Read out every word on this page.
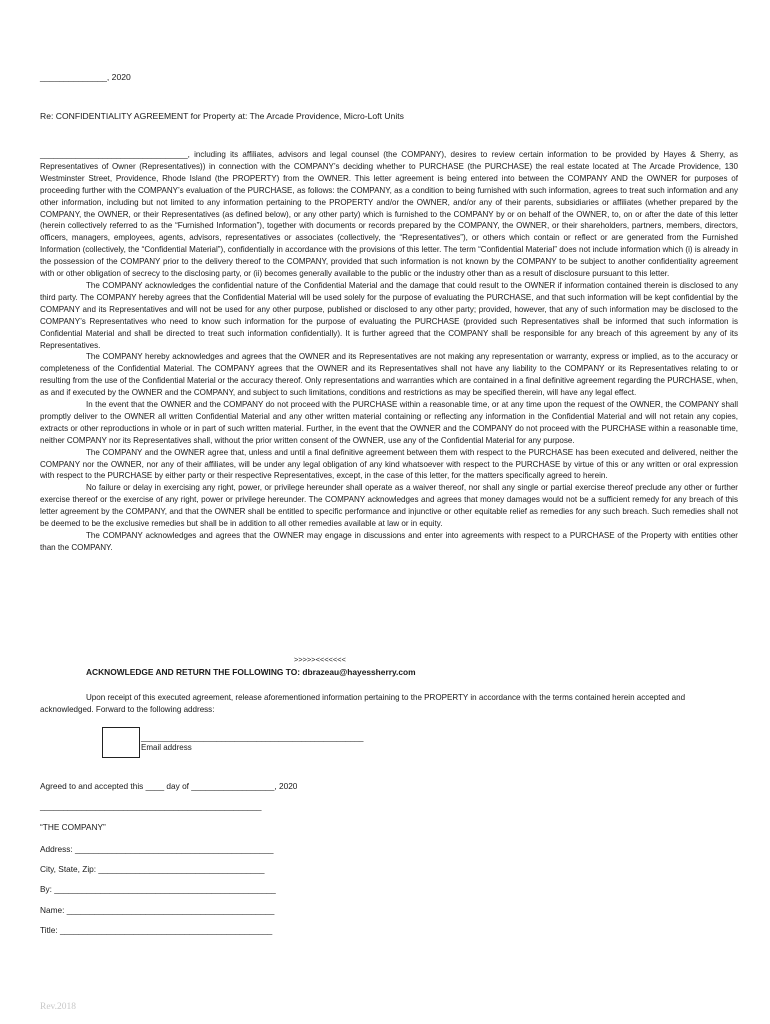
______________, 2020
Re: CONFIDENTIALITY AGREEMENT for Property at: The Arcade Providence, Micro-Loft Units

_________________________________, including its affiliates, advisors and legal counsel (the COMPANY), desires to review certain information to be provided by Hayes & Sherry, as Representatives of Owner (Representatives)) in connection with the COMPANY’s deciding whether to PURCHASE (the PURCHASE) the real estate located at The Arcade Providence, 130 Westminster Street, Providence, Rhode Island (the PROPERTY) from the OWNER. This letter agreement is being entered into between the COMPANY AND the OWNER for purposes of proceeding further with the COMPANY’s evaluation of the PURCHASE, as follows: the COMPANY, as a condition to being furnished with such information, agrees to treat such information and any other information, including but not limited to any information pertaining to the PROPERTY and/or the OWNER, and/or any of their parents, subsidiaries or affiliates (whether prepared by the COMPANY, the OWNER, or their Representatives (as defined below), or any other party) which is furnished to the COMPANY by or on behalf of the OWNER, to, on or after the date of this letter (herein collectively referred to as the “Furnished Information”), together with documents or records prepared by the COMPANY, the OWNER, or their shareholders, partners, members, directors, officers, managers, employees, agents, advisors, representatives or associates (collectively, the “Representatives”), or others which contain or reflect or are generated from the Furnished Information (collectively, the “Confidential Material”), confidentially in accordance with the provisions of this letter. The term “Confidential Material” does not include information which (i) is already in the possession of the COMPANY prior to the delivery thereof to the COMPANY, provided that such information is not known by the COMPANY to be subject to another confidentiality agreement with or other obligation of secrecy to the disclosing party, or (ii) becomes generally available to the public or the industry other than as a result of disclosure pursuant to this letter.

The COMPANY acknowledges the confidential nature of the Confidential Material and the damage that could result to the OWNER if information contained therein is disclosed to any third party. The COMPANY hereby agrees that the Confidential Material will be used solely for the purpose of evaluating the PURCHASE, and that such information will be kept confidential by the COMPANY and its Representatives and will not be used for any other purpose, published or disclosed to any other party; provided, however, that any of such information may be disclosed to the COMPANY’s Representatives who need to know such information for the purpose of evaluating the PURCHASE (provided such Representatives shall be informed that such information is Confidential Material and shall be directed to treat such information confidentially). It is further agreed that the COMPANY shall be responsible for any breach of this agreement by any of its Representatives.

The COMPANY hereby acknowledges and agrees that the OWNER and its Representatives are not making any representation or warranty, express or implied, as to the accuracy or completeness of the Confidential Material. The COMPANY agrees that the OWNER and its Representatives shall not have any liability to the COMPANY or its Representatives relating to or resulting from the use of the Confidential Material or the accuracy thereof. Only representations and warranties which are contained in a final definitive agreement regarding the PURCHASE, when, as and if executed by the OWNER and the COMPANY, and subject to such limitations, conditions and restrictions as may be specified therein, will have any legal effect.

In the event that the OWNER and the COMPANY do not proceed with the PURCHASE within a reasonable time, or at any time upon the request of the OWNER, the COMPANY shall promptly deliver to the OWNER all written Confidential Material and any other written material containing or reflecting any information in the Confidential Material and will not retain any copies, extracts or other reproductions in whole or in part of such written material. Further, in the event that the OWNER and the COMPANY do not proceed with the PURCHASE within a reasonable time, neither COMPANY nor its Representatives shall, without the prior written consent of the OWNER, use any of the Confidential Material for any purpose.

The COMPANY and the OWNER agree that, unless and until a final definitive agreement between them with respect to the PURCHASE has been executed and delivered, neither the COMPANY nor the OWNER, nor any of their affiliates, will be under any legal obligation of any kind whatsoever with respect to the PURCHASE by virtue of this or any written or oral expression with respect to the PURCHASE by either party or their respective Representatives, except, in the case of this letter, for the matters specifically agreed to herein.

No failure or delay in exercising any right, power, or privilege hereunder shall operate as a waiver thereof, nor shall any single or partial exercise thereof preclude any other or further exercise thereof or the exercise of any right, power or privilege hereunder. The COMPANY acknowledges and agrees that money damages would not be a sufficient remedy for any breach of this letter agreement by the COMPANY, and that the OWNER shall be entitled to specific performance and injunctive or other equitable relief as remedies for any such breach. Such remedies shall not be deemed to be the exclusive remedies but shall be in addition to all other remedies available at law or in equity.

The COMPANY acknowledges and agrees that the OWNER may engage in discussions and enter into agreements with respect to a PURCHASE of the Property with entities other than the COMPANY.

>>>>><<<<<<<
ACKNOWLEDGE AND RETURN THE FOLLOWING TO: dbrazeau@hayessherry.com
Upon receipt of this executed agreement, release aforementioned information pertaining to the PROPERTY in accordance with the terms contained herein accepted and acknowledged. Forward to the following address:
__________________________________________________
Email address
Agreed to and accepted this ____ day of __________________, 2020
________________________________________________
“THE COMPANY”
Address: ___________________________________________
City, State, Zip: ____________________________________
By: ________________________________________________
Name: _____________________________________________
Title: ______________________________________________
Rev.2018
